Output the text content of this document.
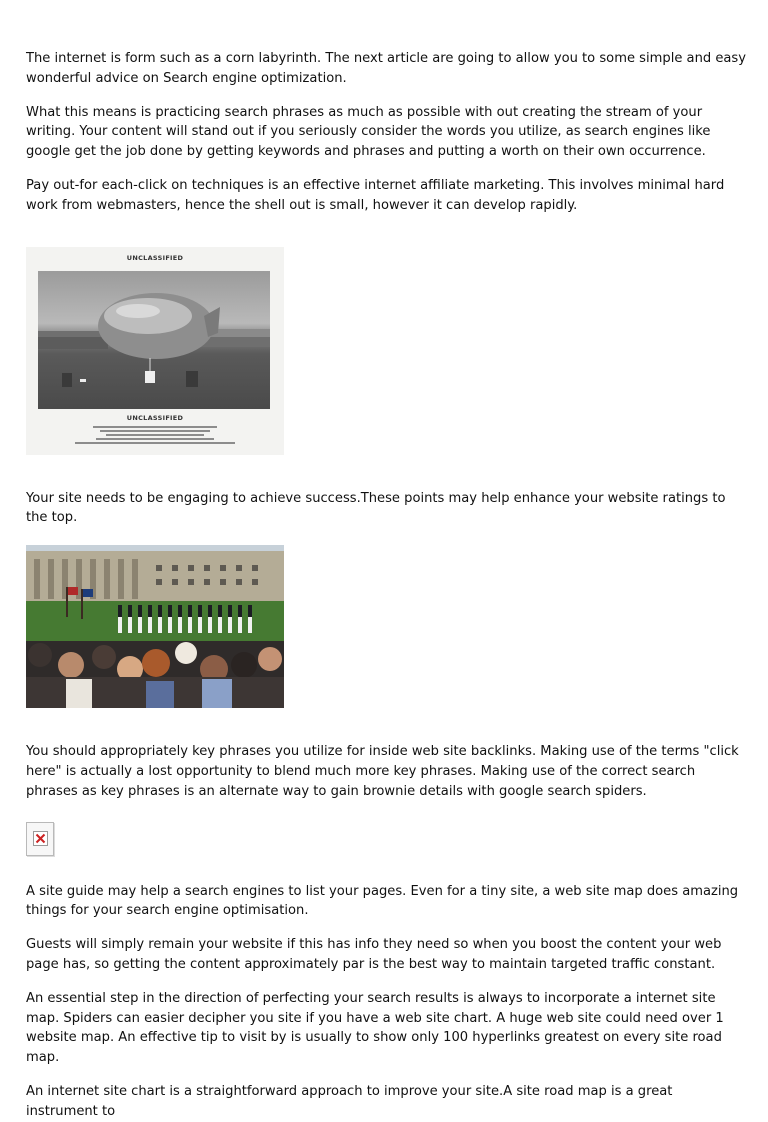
The internet is form such as a corn labyrinth. The next article are going to allow you to some simple and easy wonderful advice on Search engine optimization.

What this means is practicing search phrases as much as possible with out creating the stream of your writing. Your content will stand out if you seriously consider the words you utilize, as search engines like google get the job done by getting keywords and phrases and putting a worth on their own occurrence.

Pay out-for each-click on techniques is an effective internet affiliate marketing. This involves minimal hard work from webmasters, hence the shell out is small, however it can develop rapidly.

UNCLASSIFIED
UNCLASSIFIED

Your site needs to be engaging to achieve success.These points may help enhance your website ratings to the top.

You should appropriately key phrases you utilize for inside web site backlinks. Making use of the terms "click here" is actually a lost opportunity to blend much more key phrases. Making use of the correct search phrases as key phrases is an alternate way to gain brownie details with google search spiders.

A site guide may help a search engines to list your pages. Even for a tiny site, a web site map does amazing things for your search engine optimisation.

Guests will simply remain your website if this has info they need so when you boost the content your web page has, so getting the content approximately par is the best way to maintain targeted traffic constant.

An essential step in the direction of perfecting your search results is always to incorporate a internet site map. Spiders can easier decipher you site if you have a web site chart. A huge web site could need over 1 website map. An effective tip to visit by is usually to show only 100 hyperlinks greatest on every site road map.

An internet site chart is a straightforward approach to improve your site.A site road map is a great instrument to
